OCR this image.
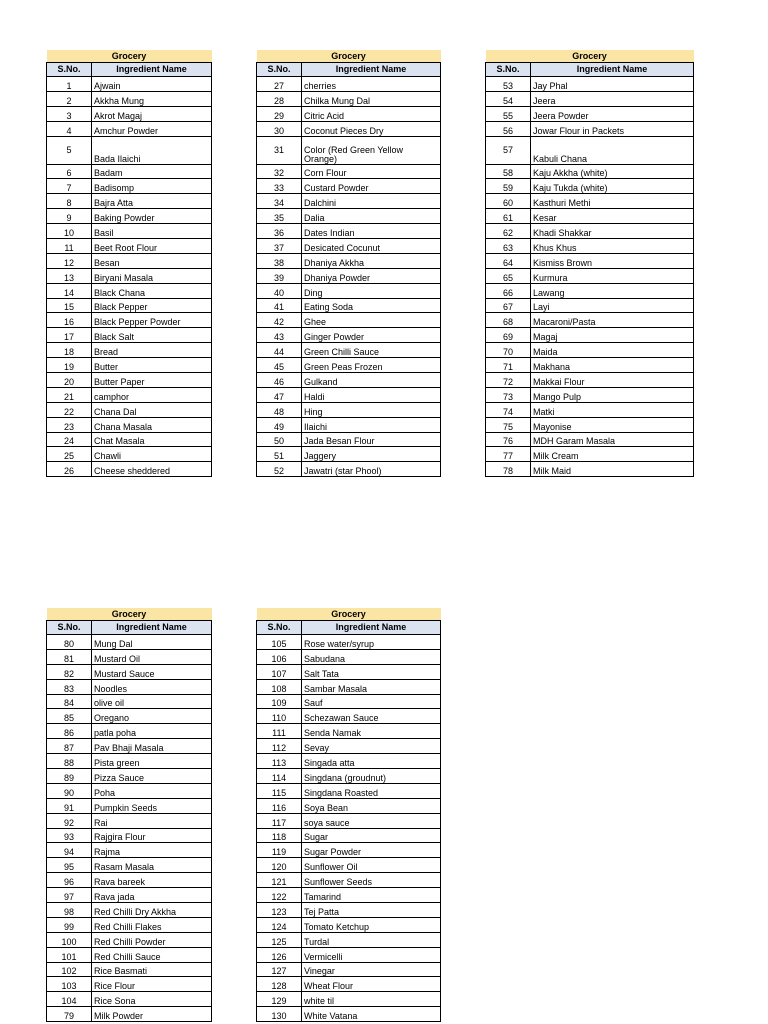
Grocery	
S.No.	Ingredient Name
1	Ajwain
2	Akkha Mung
3	Akrot Magaj
4	Amchur Powder
5	Bada Ilaichi
6	Badam
7	Badisomp
8	Bajra Atta
9	Baking Powder
10	Basil
11	Beet Root Flour
12	Besan
13	Biryani Masala
14	Black Chana
15	Black Pepper
16	Black Pepper Powder
17	Black Salt
18	Bread
19	Butter
20	Butter Paper
21	camphor
22	Chana Dal
23	Chana Masala
24	Chat Masala
25	Chawli
26	Cheese sheddered
Grocery	
S.No.	Ingredient Name
27	cherries
28	Chilka Mung Dal
29	Citric Acid
30	Coconut Pieces Dry
31	Color (Red Green Yellow Orange)
32	Corn Flour
33	Custard Powder
34	Dalchini
35	Dalia
36	Dates Indian
37	Desicated Cocunut
38	Dhaniya Akkha
39	Dhaniya Powder
40	Ding
41	Eating Soda
42	Ghee
43	Ginger Powder
44	Green Chilli Sauce
45	Green Peas Frozen
46	Gulkand
47	Haldi
48	Hing
49	Ilaichi
50	Jada Besan Flour
51	Jaggery
52	Jawatri (star Phool)
Grocery	
S.No.	Ingredient Name
53	Jay Phal
54	Jeera
55	Jeera Powder
56	Jowar Flour in Packets
57	Kabuli Chana
58	Kaju Akkha (white)
59	Kaju Tukda (white)
60	Kasthuri Methi
61	Kesar
62	Khadi Shakkar
63	Khus Khus
64	Kismiss Brown
65	Kurmura
66	Lawang
67	Layi
68	Macaroni/Pasta
69	Magaj
70	Maida
71	Makhana
72	Makkai Flour
73	Mango Pulp
74	Matki
75	Mayonise
76	MDH Garam Masala
77	Milk Cream
78	Milk Maid
Grocery	
S.No.	Ingredient Name
80	Mung Dal
81	Mustard Oil
82	Mustard Sauce
83	Noodles
84	olive oil
85	Oregano
86	patla poha
87	Pav Bhaji Masala
88	Pista green
89	Pizza Sauce
90	Poha
91	Pumpkin Seeds
92	Rai
93	Rajgira Flour
94	Rajma
95	Rasam Masala
96	Rava bareek
97	Rava jada
98	Red Chilli Dry Akkha
99	Red Chilli Flakes
100	Red Chilli Powder
101	Red Chilli Sauce
102	Rice Basmati
103	Rice Flour
104	Rice Sona
79	Milk Powder
Grocery	
S.No.	Ingredient Name
105	Rose water/syrup
106	Sabudana
107	Salt Tata
108	Sambar Masala
109	Sauf
110	Schezawan Sauce
111	Senda Namak
112	Sevay
113	Singada atta
114	Singdana (groudnut)
115	Singdana Roasted
116	Soya Bean
117	soya sauce
118	Sugar
119	Sugar Powder
120	Sunflower Oil
121	Sunflower Seeds
122	Tamarind
123	Tej Patta
124	Tomato Ketchup
125	Turdal
126	Vermicelli
127	Vinegar
128	Wheat Flour
129	white til
130	White Vatana
